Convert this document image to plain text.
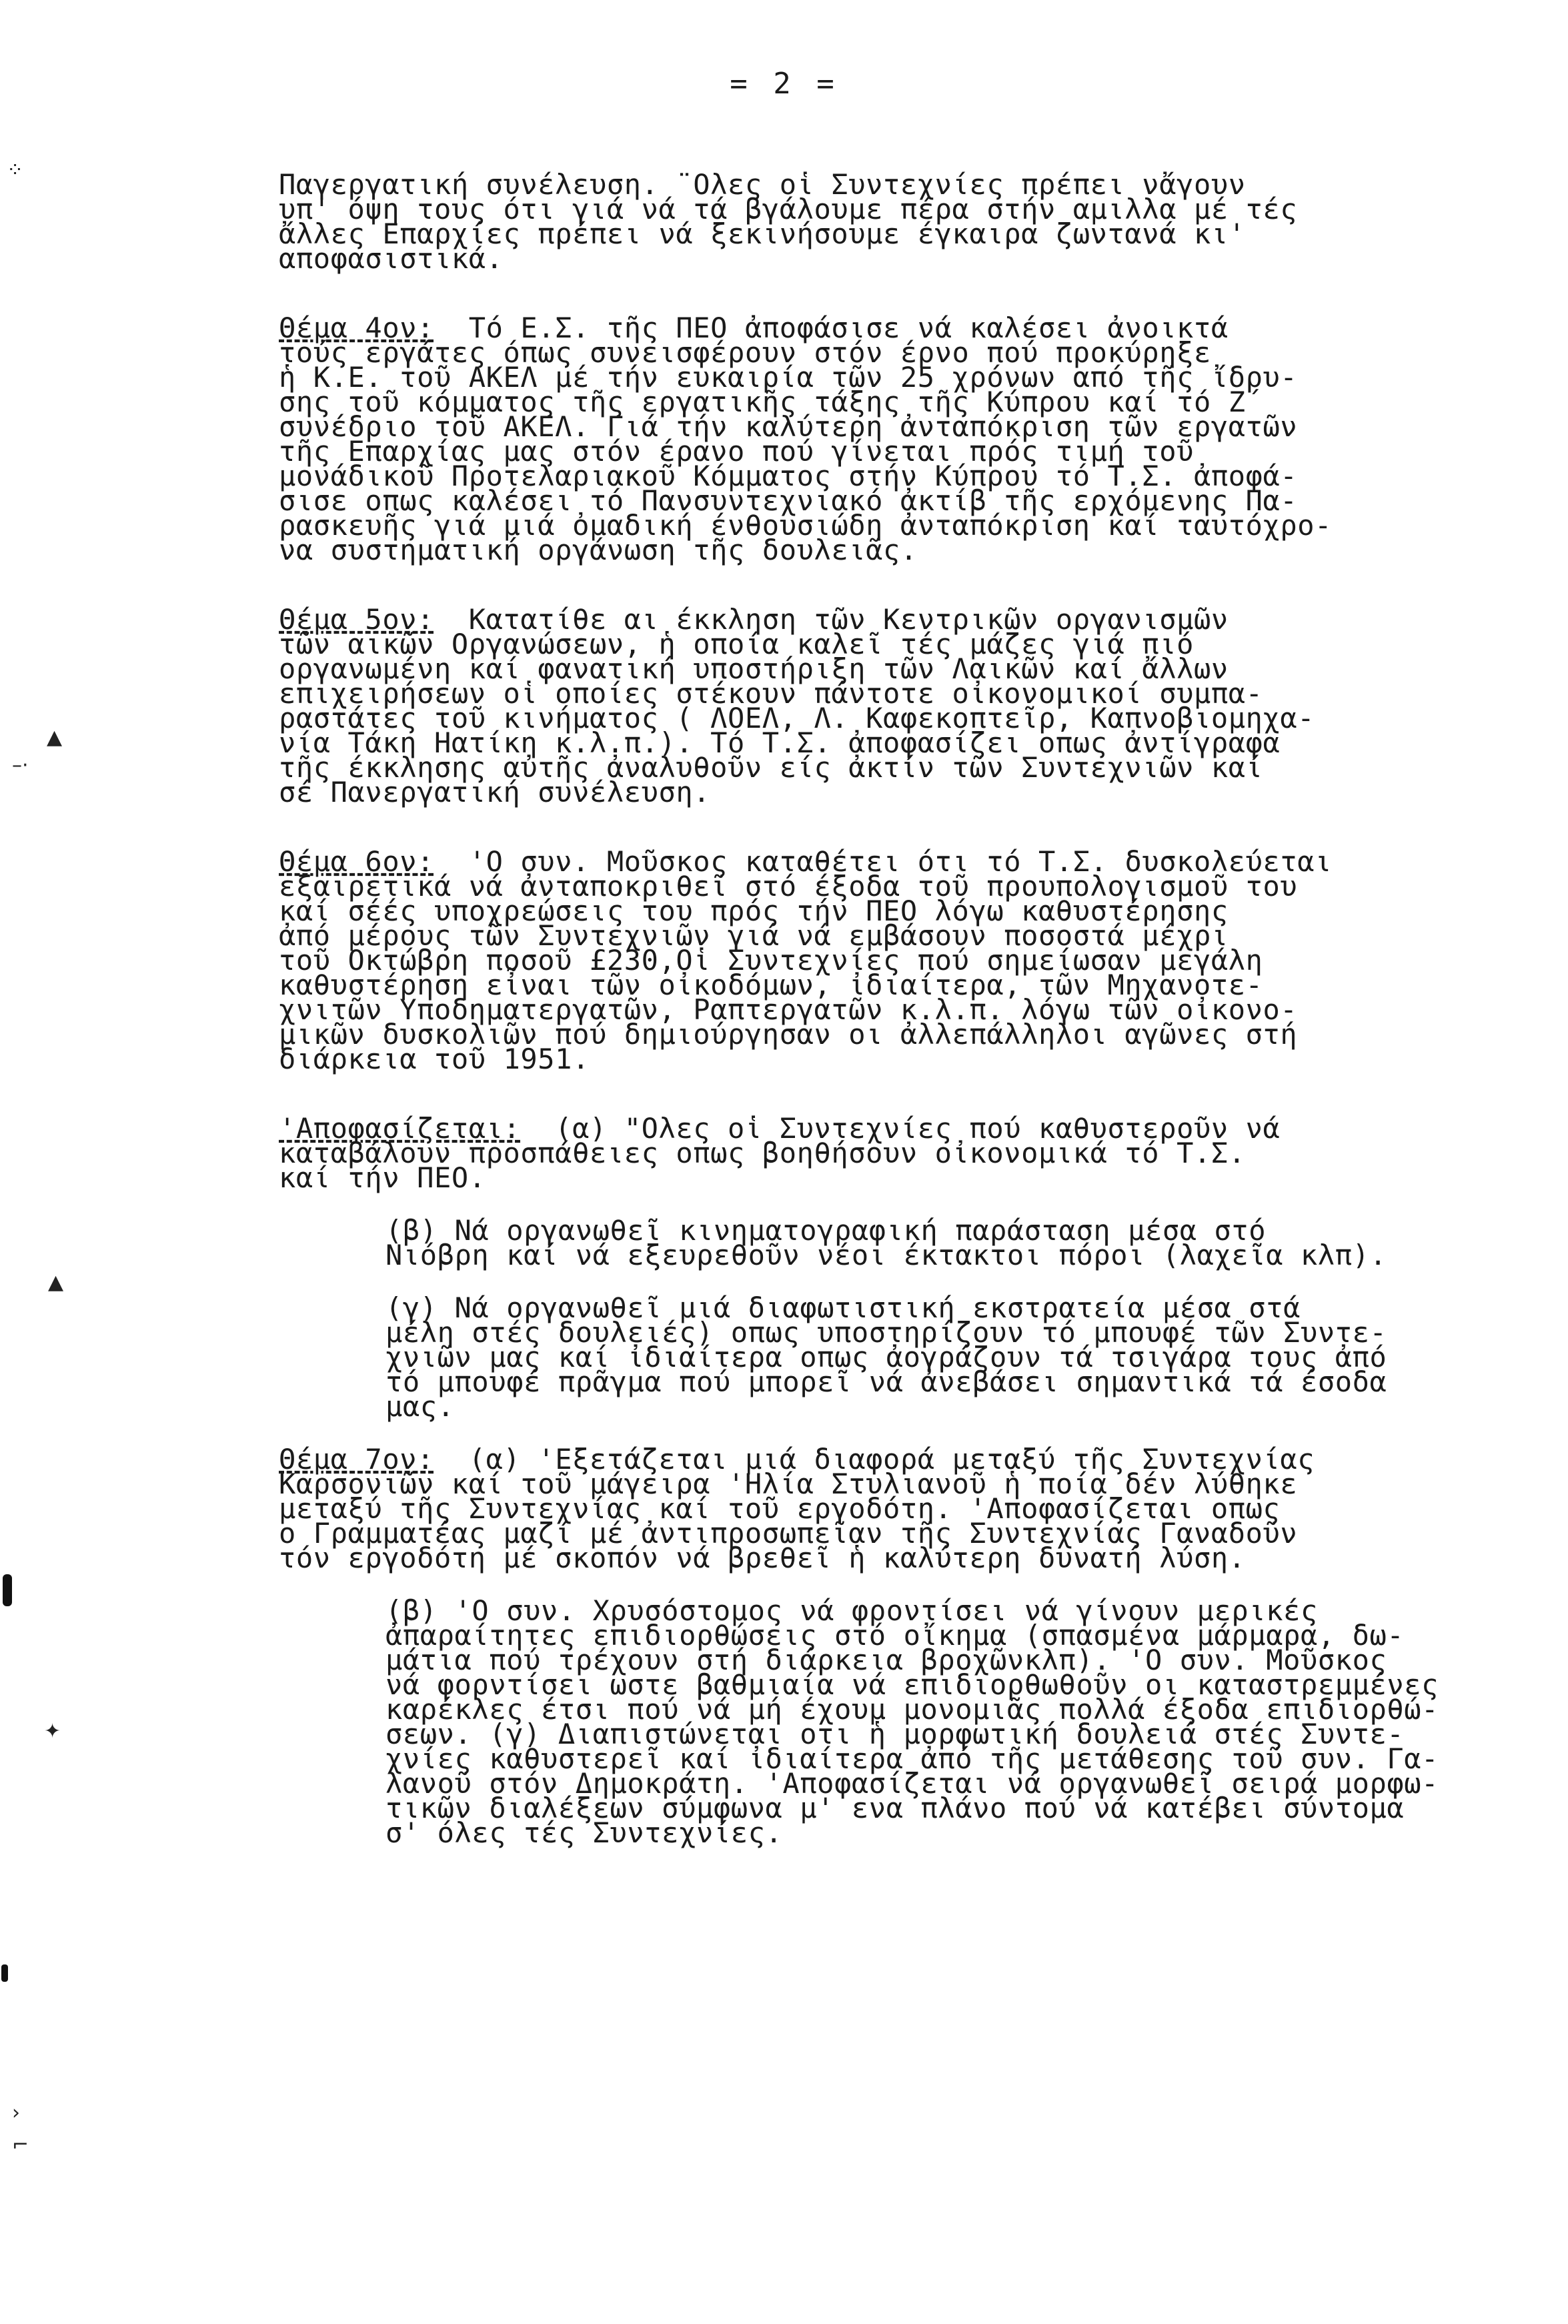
= 2 =
⁘
▲
–·
▲
✦
›
⌐
Παγεργατική συνέλευση. ¨Ολες οἱ Συντεχνίες πρέπει νἄγουν
υπ' όψη τους ότι γιά νά τά βγάλουμε πέρα στήν αμιλλα μέ τές
ἄλλες Επαρχίες πρέπει νά ξεκινήσουμε έγκαιρα ζωντανά κι'
αποφασιστικά.
Θέμα 4ον: Τό Ε.Σ. τῆς ΠΕΟ ἀπoφάσισε νά καλέσει ἀνοικτά
τούς εργάτες όπως συνεισφέρουν στόν έρνο πού προκύρηξε
ἡ Κ.Ε. τοῦ ΑΚΕΛ μέ τήν ευκαιρία τῶν 25 χρόνων από τῆς ἴδρυ-
σης τοῦ κόμματος τῆς εργατικῆς τάξης τῆς Κύπρου καί τό Ζ΄
συνέδριο τοῦ ΑΚΕΛ. Γιά τήν καλύτερη ἀνταπόκριση τῶν εργατῶν
τῆς Επαρχίας μας στόν έρανο πού γίνεται πρός τιμή τοῦ
μονάδικοῦ Προτελαριακοῦ Κόμματος στήν Κύπρου τό Τ.Σ. ἀποφά-
σισε οπως καλέσει τό Πανσυντεχνιακό ἀκτίβ τῆς ερχόμενης Πα-
ρασκευῆς γιά μιά ὀμαδική ένθουσιώδη ἀνταπόκριση καί ταυτόχρο-
να συστηματική οργάνωση τῆς δουλειᾶς.
Θέμα 5ον: Κατατίθε αι έκκληση τῶν Κεντρικῶν οργανισμῶν
τῶν αικῶν Οργανώσεων, ἡ οποία καλεῖ τές μάζες γιά πιό
οργανωμένη καί φανατική υποστήριξη τῶν Λαικῶν καί ἄλλων
επιχειρήσεων οἱ οποίες στέκουν πάντοτε οἰκονομικοί συμπα-
ραστάτες τοῦ κινήματος ( ΛΟΕΛ, Λ. Καφεκοπτεῖρ, Καπνοβιομηχα-
νία Τάκη Ηατίκη κ.λ.π.). Τό Τ.Σ. ἀποφασίζει οπως ἀντίγραφα
τῆς έκκλησης αὐτῆς ἀναλυθοῦν είς ἀκτίν τῶν Συντεχνιῶν καί
σέ Πανεργατική συνέλευση.
Θέμα 6ον: 'Ο συν. Μοῦσκος καταθέτει ότι τό Τ.Σ. δυσκολεύεται
εξαιρετικά νά ἀνταποκριθεῖ στό έξοδα τοῦ προυπολογισμοῦ του
καί σέές υποχρεώσεις του πρός τήν ΠΕΟ λόγω καθυστέρησης
ἀπό μέρους τῶν Συντεχνιῶν γιά νά εμβάσουν ποσοστά μέχρι
τοῦ Οκτώβρη ποσοῦ £230,Οἱ Συντεχνίες πού σημείωσαν μεγάλη
καθυστέρηση εἶναι τῶν οἰκοδόμων, ἰδιαίτερα, τῶν Μηχανοτε-
χνιτῶν Υποδηματεργατῶν, Ραπτεργατῶν κ.λ.π. λόγω τῶν οἰκονο-
μικῶν δυσκολιῶν πού δημιούργησαν οι ἀλλεπάλληλοι αγῶνες στή
διάρκεια τοῦ 1951.
'Αποφασίζεται: (α) "Ολες οἱ Συντεχνίες πού καθυστεροῦν νά
καταβάλουν προσπάθειες οπως βοηθήσουν οἰκονομικά τό Τ.Σ.
καί τήν ΠΕΟ.
(β) Νά οργανωθεῖ κινηματογραφική παράσταση μέσα στό
Νιόβρη καί νά εξευρεθοῦν νέοι έκτακτοι πόροι (λαχεῖα κλπ).
(γ) Νά οργανωθεῖ μιά διαφωτιστική εκστρατεία μέσα στά
μέλη στές δουλειές) οπως υποστηρίζουν τό μπουφέ τῶν Συντε-
χνιῶν μας καί ἰδιαίτερα οπως ἀογράζουν τά τσιγάρα τους ἀπό
τό μπουφέ πρᾶγμα πού μπορεῖ νά ἀνεβάσει σημαντικά τά έσοδα
μας.
Θέμα 7ον: (α) 'Εξετάζεται μιά διαφορά μεταξύ τῆς Συντεχνίας
Καρσονιῶν καί τοῦ μάγειρα 'Ηλία Στυλιανοῦ ἡ ποία δέν λύθηκε
μεταξύ τῆς Συντεχνίας καί τοῦ εργοδότη. 'Αποφασίζεται οπως
ο Γραμματέας μαζί μέ ἀντιπροσωπεῖαν τῆς Συντεχνίας Γαναδοῦν
τόν εργοδότη μέ σκοπόν νά βρεθεῖ ἡ καλύτερη δυνατή λύση.
(β) 'Ο συν. Χρυσόστομος νά φροντίσει νά γίνουν μερικές
ἀπαραίτητες επιδιορθώσεις στό οἴκημα (σπασμένα μάρμαρα, δω-
μάτια πού τρέχουν στή διάρκεια βροχῶνκλπ). 'Ο συν. Μοῦσκος
νά φορντίσει ωστε βαθμιαία νά επιδιορθωθοῦν οι καταστρεμμένες
καρέκλες έτσι πού νά μή έχουμ μονομιᾶς πολλά έξοδα επιδιορθώ-
σεων. (γ) Διαπιστώνεται οτι ἡ μορφωτική δουλειά στές Συντε-
χνίες καθυστερεῖ καί ἰδιαίτερα ἀπό τῆς μετάθεσης τοῦ συν. Γα-
λανοῦ στόν Δημοκράτη. 'Αποφασίζεται νά οργανωθεῖ σειρά μορφω-
τικῶν διαλέξεων σύμφωνα μ' ενα πλάνο πού νά κατέβει σύντομα
σ' όλες τές Συντεχνίες.
